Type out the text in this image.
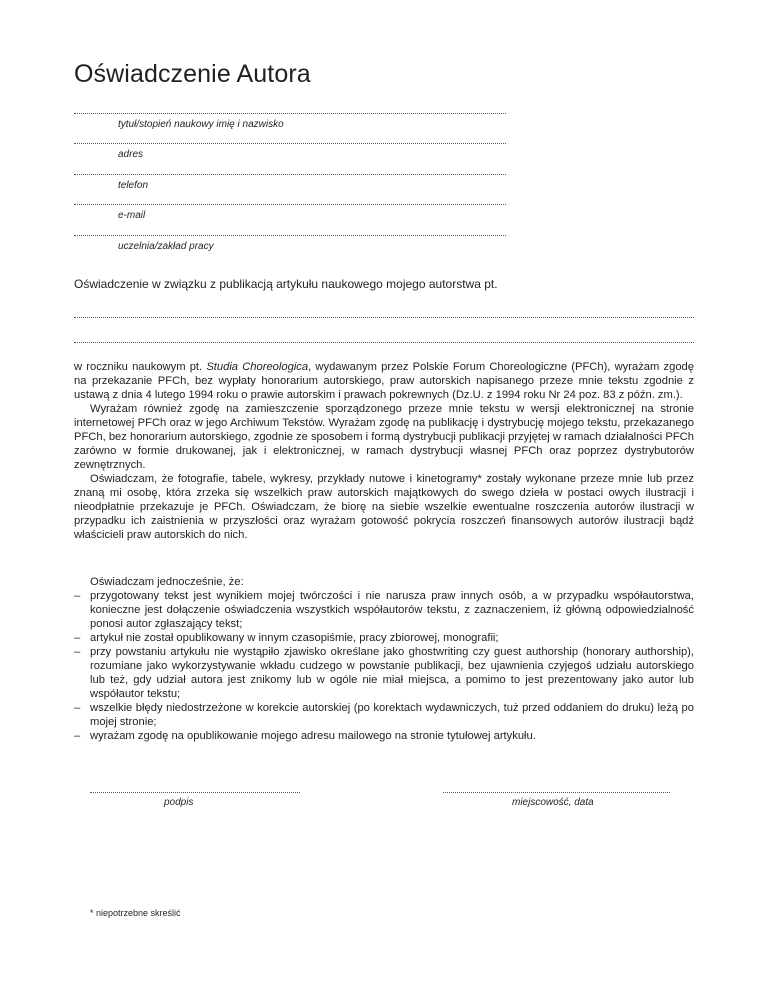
Oświadczenie Autora
tytuł/stopień naukowy imię i nazwisko
adres
telefon
e-mail
uczelnia/zakład pracy
Oświadczenie w związku z publikacją artykułu naukowego mojego autorstwa pt.

w roczniku naukowym pt. Studia Choreologica, wydawanym przez Polskie Forum Choreologiczne (PFCh), wyrażam zgodę na przekazanie PFCh, bez wypłaty honorarium autorskiego, praw autorskich napisanego przeze mnie tekstu zgodnie z ustawą z dnia 4 lutego 1994 roku o prawie autorskim i prawach pokrewnych (Dz.U. z 1994 roku Nr 24 poz. 83 z późn. zm.).

Wyrażam również zgodę na zamieszczenie sporządzonego przeze mnie tekstu w wersji elektronicznej na stronie internetowej PFCh oraz w jego Archiwum Tekstów. Wyrażam zgodę na publikację i dystrybucję mojego tekstu, przekazanego PFCh, bez honorarium autorskiego, zgodnie ze sposobem i formą dystrybucji publikacji przyjętej w ramach działalności PFCh zarówno w formie drukowanej, jak i elektronicznej, w ramach dystrybucji własnej PFCh oraz poprzez dystrybutorów zewnętrznych.

Oświadczam, że fotografie, tabele, wykresy, przykłady nutowe i kinetogramy* zostały wykonane przeze mnie lub przez znaną mi osobę, która zrzeka się wszelkich praw autorskich majątkowych do swego dzieła w postaci owych ilustracji i nieodpłatnie przekazuje je PFCh. Oświadczam, że biorę na siebie wszelkie ewentualne roszczenia autorów ilustracji w przypadku ich zaistnienia w przyszłości oraz wyrażam gotowość pokrycia roszczeń finansowych autorów ilustracji bądź właścicieli praw autorskich do nich.

Oświadczam jednocześnie, że:
– przygotowany tekst jest wynikiem mojej twórczości i nie narusza praw innych osób, a w przypadku współautorstwa, konieczne jest dołączenie oświadczenia wszystkich współautorów tekstu, z zaznaczeniem, iż główną odpowiedzialność ponosi autor zgłaszający tekst;
– artykuł nie został opublikowany w innym czasopiśmie, pracy zbiorowej, monografii;
– przy powstaniu artykułu nie wystąpiło zjawisko określane jako ghostwriting czy guest authorship (honorary authorship), rozumiane jako wykorzystywanie wkładu cudzego w powstanie publikacji, bez ujawnienia czyjegoś udziału autorskiego lub też, gdy udział autora jest znikomy lub w ogóle nie miał miejsca, a pomimo to jest prezentowany jako autor lub współautor tekstu;
– wszelkie błędy niedostrzeżone w korekcie autorskiej (po korektach wydawniczych, tuż przed oddaniem do druku) leżą po mojej stronie;
– wyrażam zgodę na opublikowanie mojego adresu mailowego na stronie tytułowej artykułu.
podpis	miejscowość, data
* niepotrzebne skreślić
